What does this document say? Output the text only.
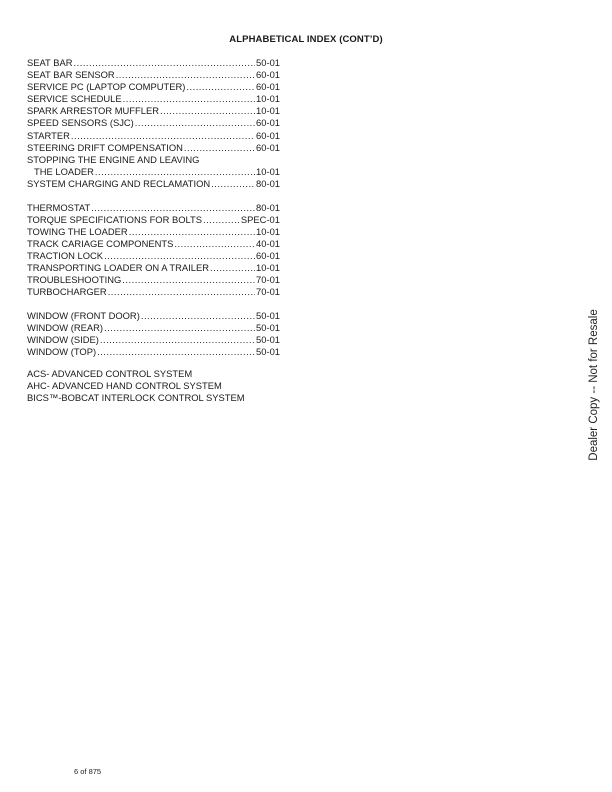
ALPHABETICAL INDEX (CONT’D)
SEAT BAR .....	50-01
SEAT BAR SENSOR .....	60-01
SERVICE PC (LAPTOP COMPUTER) .....	60-01
SERVICE SCHEDULE .....	10-01
SPARK ARRESTOR MUFFLER .....	10-01
SPEED SENSORS (SJC) .....	60-01
STARTER .....	60-01
STEERING DRIFT COMPENSATION .....	60-01
STOPPING THE ENGINE AND LEAVING
THE LOADER .....	10-01
SYSTEM CHARGING AND RECLAMATION .....	80-01
THERMOSTAT .....	80-01
TORQUE SPECIFICATIONS FOR BOLTS .....	SPEC-01
TOWING THE LOADER .....	10-01
TRACK CARIAGE COMPONENTS .....	40-01
TRACTION LOCK .....	60-01
TRANSPORTING LOADER ON A TRAILER .....	10-01
TROUBLESHOOTING .....	70-01
TURBOCHARGER .....	70-01
WINDOW (FRONT DOOR) .....	50-01
WINDOW (REAR) .....	50-01
WINDOW (SIDE) .....	50-01
WINDOW (TOP) .....	50-01
ACS- ADVANCED CONTROL SYSTEM
AHC- ADVANCED HAND CONTROL SYSTEM
BICS™-BOBCAT INTERLOCK CONTROL SYSTEM	Dealer Copy -- Not for Resale
6 of 875
